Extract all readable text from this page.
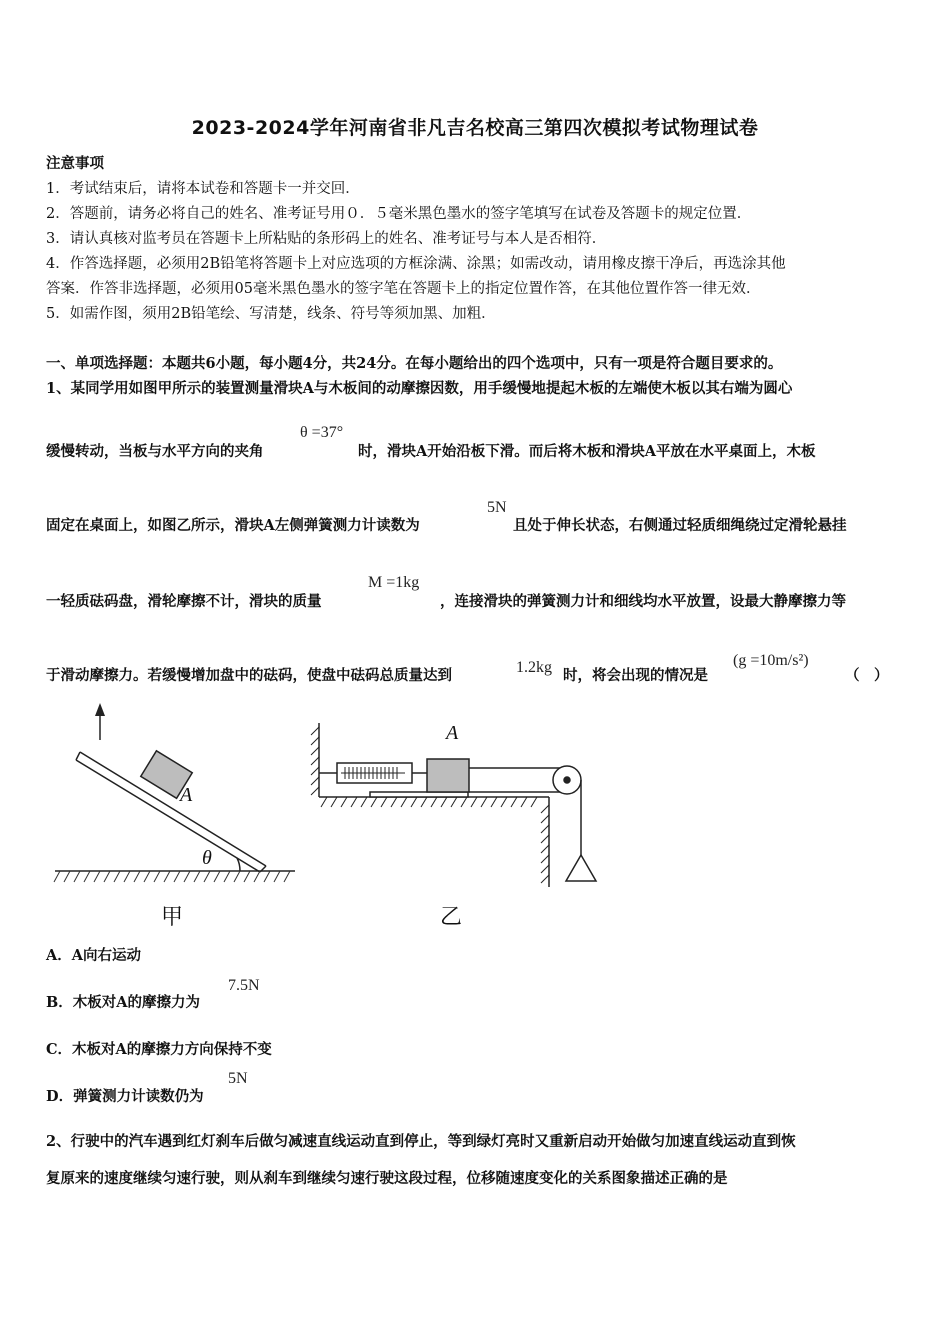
2023-2024学年河南省非凡吉名校高三第四次模拟考试物理试卷
注意事项
1．考试结束后，请将本试卷和答题卡一并交回．
2．答题前，请务必将自己的姓名、准考证号用０．５毫米黑色墨水的签字笔填写在试卷及答题卡的规定位置．
3．请认真核对监考员在答题卡上所粘贴的条形码上的姓名、准考证号与本人是否相符．
4．作答选择题，必须用2B铅笔将答题卡上对应选项的方框涂满、涂黑；如需改动，请用橡皮擦干净后，再选涂其他
答案．作答非选择题，必须用05毫米黑色墨水的签字笔在答题卡上的指定位置作答，在其他位置作答一律无效．
5．如需作图，须用2B铅笔绘、写清楚，线条、符号等须加黑、加粗．
一、单项选择题：本题共6小题，每小题4分，共24分。在每小题给出的四个选项中，只有一项是符合题目要求的。
1、某同学用如图甲所示的装置测量滑块A与木板间的动摩擦因数，用手缓慢地提起木板的左端使木板以其右端为圆心
缓慢转动，当板与水平方向的夹角
θ =37°
时，滑块A开始沿板下滑。而后将木板和滑块A平放在水平桌面上，木板
固定在桌面上，如图乙所示，滑块A左侧弹簧测力计读数为
5N
且处于伸长状态，右侧通过轻质细绳绕过定滑轮悬挂
一轻质砝码盘，滑轮摩擦不计，滑块的质量
M =1kg
，连接滑块的弹簧测力计和细线均水平放置，设最大静摩擦力等
于滑动摩擦力。若缓慢增加盘中的砝码，使盘中砝码总质量达到	1.2kg 时，将会出现的情况是
(g =10m/s²)
（　）
A
θ
甲
A
乙
A．A向右运动
B．木板对A的摩擦力为
7.5N
C．木板对A的摩擦力方向保持不变
D．弹簧测力计读数仍为
5N
2、行驶中的汽车遇到红灯刹车后做匀减速直线运动直到停止，等到绿灯亮时又重新启动开始做匀加速直线运动直到恢
复原来的速度继续匀速行驶，则从刹车到继续匀速行驶这段过程，位移随速度变化的关系图象描述正确的是
